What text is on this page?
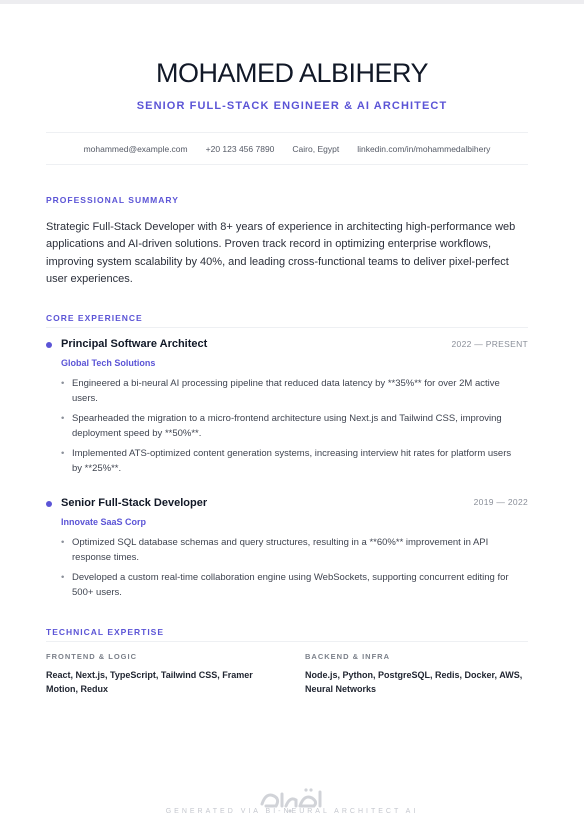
MOHAMED ALBIHERY
SENIOR FULL-STACK ENGINEER & AI ARCHITECT
mohammed@example.com +20 123 456 7890 Cairo, Egypt linkedin.com/in/mohammedalbihery
PROFESSIONAL SUMMARY
Strategic Full-Stack Developer with 8+ years of experience in architecting high-performance web applications and AI-driven solutions. Proven track record in optimizing enterprise workflows, improving system scalability by 40%, and leading cross-functional teams to deliver pixel-perfect user experiences.
CORE EXPERIENCE
Principal Software Architect	2022 — PRESENT
Global Tech Solutions
• Engineered a bi-neural AI processing pipeline that reduced data latency by **35%** for over 2M active users.
• Spearheaded the migration to a micro-frontend architecture using Next.js and Tailwind CSS, improving deployment speed by **50%**.
• Implemented ATS-optimized content generation systems, increasing interview hit rates for platform users by **25%**.
Senior Full-Stack Developer	2019 — 2022
Innovate SaaS Corp
• Optimized SQL database schemas and query structures, resulting in a **60%** improvement in API response times.
• Developed a custom real-time collaboration engine using WebSockets, supporting concurrent editing for 500+ users.
TECHNICAL EXPERTISE
FRONTEND & LOGIC
React, Next.js, TypeScript, Tailwind CSS, Framer Motion, Redux
BACKEND & INFRA
Node.js, Python, PostgreSQL, Redis, Docker, AWS, Neural Networks
GENERATED VIA BI-NEURAL ARCHITECT AI
